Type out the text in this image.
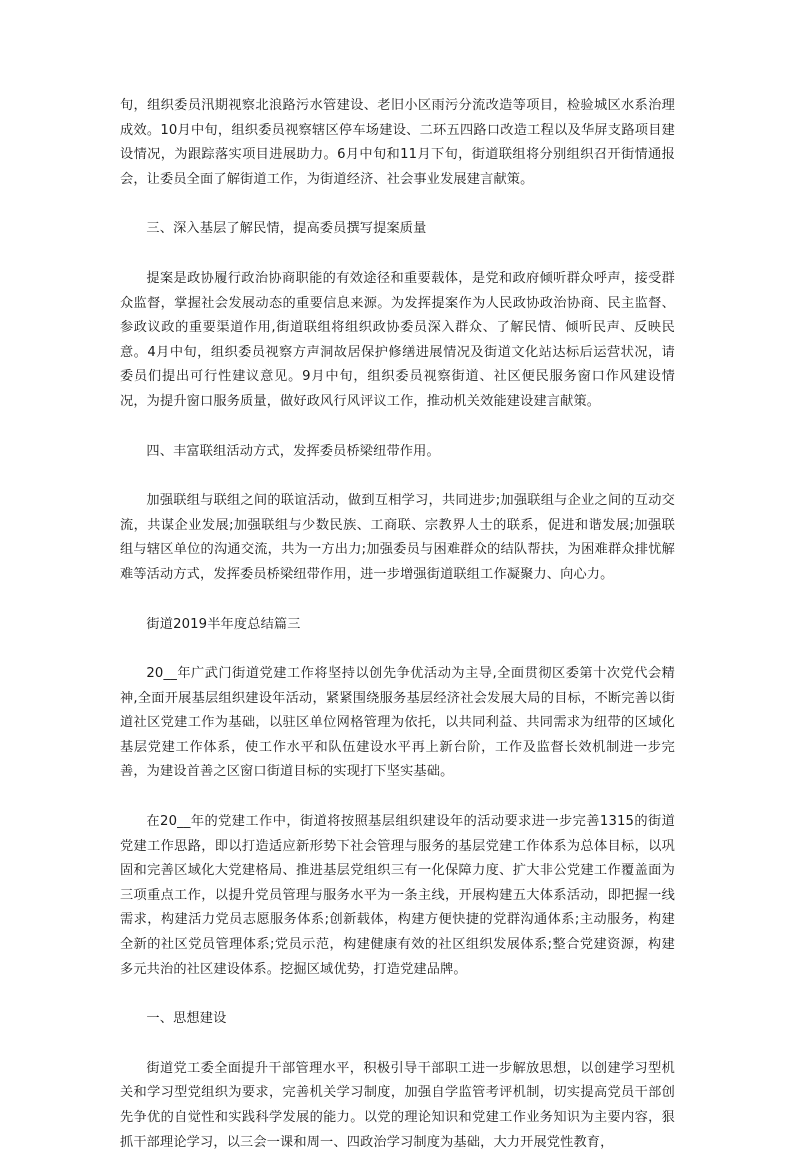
旬，组织委员汛期视察北浪路污水管建设、老旧小区雨污分流改造等项目，检验城区水系治理成效。10月中旬，组织委员视察辖区停车场建设、二环五四路口改造工程以及华屏支路项目建设情况，为跟踪落实项目进展助力。6月中旬和11月下旬，街道联组将分别组织召开街情通报会，让委员全面了解街道工作，为街道经济、社会事业发展建言献策。

三、深入基层了解民情，提高委员撰写提案质量

提案是政协履行政治协商职能的有效途径和重要载体，是党和政府倾听群众呼声，接受群众监督，掌握社会发展动态的重要信息来源。为发挥提案作为人民政协政治协商、民主监督、参政议政的重要渠道作用,街道联组将组织政协委员深入群众、了解民情、倾听民声、反映民意。4月中旬，组织委员视察方声洞故居保护修缮进展情况及街道文化站达标后运营状况，请委员们提出可行性建议意见。9月中旬，组织委员视察街道、社区便民服务窗口作风建设情况，为提升窗口服务质量，做好政风行风评议工作，推动机关效能建设建言献策。

四、丰富联组活动方式，发挥委员桥梁纽带作用。

加强联组与联组之间的联谊活动，做到互相学习，共同进步;加强联组与企业之间的互动交流，共谋企业发展;加强联组与少数民族、工商联、宗教界人士的联系，促进和谐发展;加强联组与辖区单位的沟通交流，共为一方出力;加强委员与困难群众的结队帮扶，为困难群众排忧解难等活动方式，发挥委员桥梁纽带作用，进一步增强街道联组工作凝聚力、向心力。

街道2019半年度总结篇三

20__年广武门街道党建工作将坚持以创先争优活动为主导,全面贯彻区委第十次党代会精神,全面开展基层组织建设年活动，紧紧围绕服务基层经济社会发展大局的目标，不断完善以街道社区党建工作为基础，以驻区单位网格管理为依托，以共同利益、共同需求为纽带的区域化基层党建工作体系，使工作水平和队伍建设水平再上新台阶，工作及监督长效机制进一步完善，为建设首善之区窗口街道目标的实现打下坚实基础。

在20__年的党建工作中，街道将按照基层组织建设年的活动要求进一步完善1315的街道党建工作思路，即以打造适应新形势下社会管理与服务的基层党建工作体系为总体目标，以巩固和完善区域化大党建格局、推进基层党组织三有一化保障力度、扩大非公党建工作覆盖面为三项重点工作，以提升党员管理与服务水平为一条主线，开展构建五大体系活动，即把握一线需求，构建活力党员志愿服务体系;创新载体，构建方便快捷的党群沟通体系;主动服务，构建全新的社区党员管理体系;党员示范，构建健康有效的社区组织发展体系;整合党建资源，构建多元共治的社区建设体系。挖掘区域优势，打造党建品牌。

一、思想建设

街道党工委全面提升干部管理水平，积极引导干部职工进一步解放思想，以创建学习型机关和学习型党组织为要求，完善机关学习制度，加强自学监管考评机制，切实提高党员干部创先争优的自觉性和实践科学发展的能力。以党的理论知识和党建工作业务知识为主要内容，狠抓干部理论学习，以三会一课和周一、四政治学习制度为基础，大力开展党性教育，
